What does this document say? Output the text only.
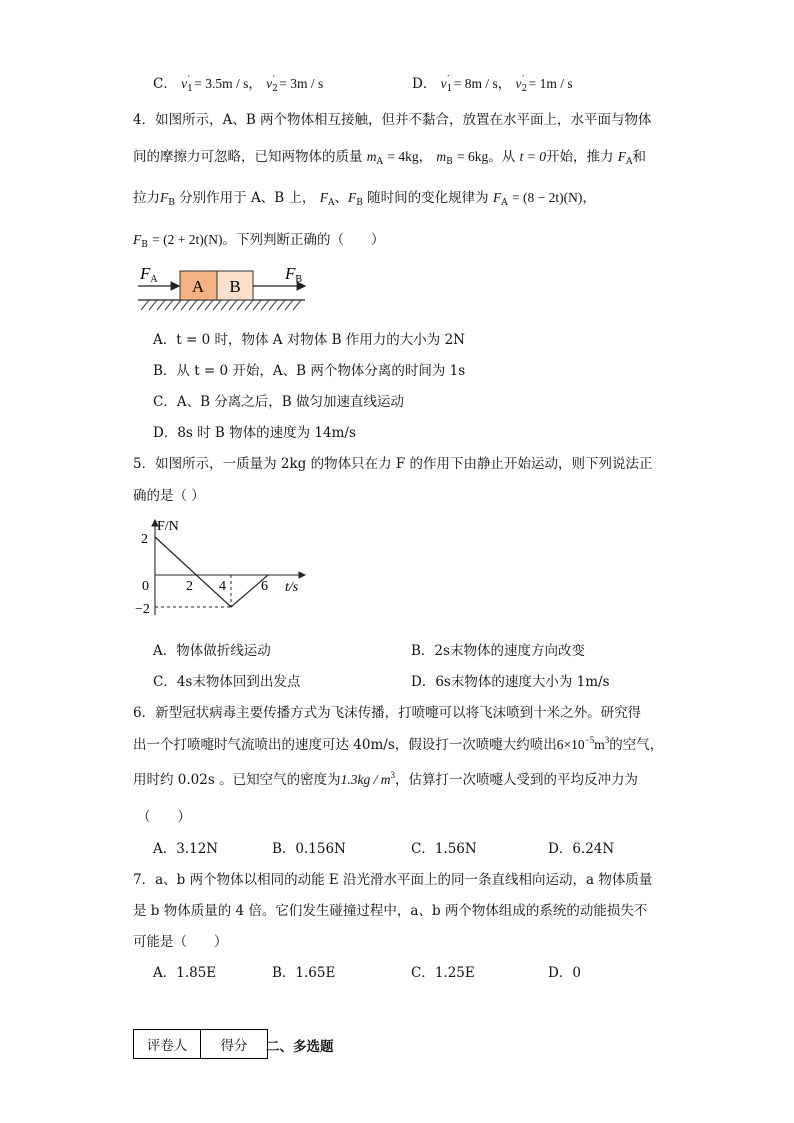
C． $v_1' = 3.5m / s$， $v_2' = 3m / s$	D． $v_1' = 8m / s$， $v_2' = 1m / s$
4．如图所示，A、B 两个物体相互接触，但并不黏合，放置在水平面上，水平面与物体
间的摩擦力可忽略，已知两物体的质量 $m_A = 4kg$， $m_B = 6kg$。从 t = 0开始，推力 $F_A$和
拉力$F_B$ 分别作用于 A、B 上， $F_A$、$F_B$ 随时间的变化规律为 $F_A = (8 - 2t)(N)$，
$F_B = (2 + 2t)(N)$。下列判断正确的（　　）
A B
FA	FB
A．t = 0 时，物体 A 对物体 B 作用力的大小为 2N
B．从 t = 0 开始，A、B 两个物体分离的时间为 1s
C．A、B 分离之后，B 做匀加速直线运动
D．8s 时 B 物体的速度为 14m/s
5．如图所示，一质量为 2kg 的物体只在力 F 的作用下由静止开始运动，则下列说法正
确的是（ ）
F/N
t/s
2
0
−2
2 4	6
A．物体做折线运动	B．2s末物体的速度方向改变
C．4s末物体回到出发点	D．6s末物体的速度大小为 1m/s
6．新型冠状病毒主要传播方式为飞沫传播，打喷嚏可以将飞沫喷到十米之外。研究得
出一个打喷嚏时气流喷出的速度可达 40m/s，假设打一次喷嚏大约喷出$6\times 10^{-5}m^3$的空气，
用时约 0.02s 。已知空气的密度为$1.3kg / m^3$，估算打一次喷嚏人受到的平均反冲力为
（　　）
A．3.12N	B．0.156N	C．1.56N	D．6.24N
7．a、b 两个物体以相同的动能 E 沿光滑水平面上的同一条直线相向运动，a 物体质量
是 b 物体质量的 4 倍。它们发生碰撞过程中，a、b 两个物体组成的系统的动能损失不
可能是（　　）
A．1.85E	B．1.65E	C．1.25E	D．0
评卷人	得分 二、多选题
